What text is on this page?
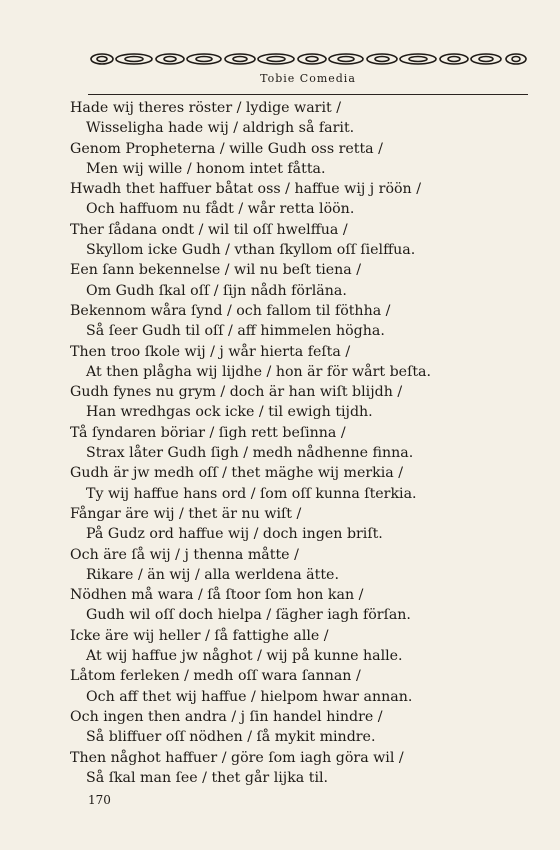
Tobie Comedia
Hade wij theres röster / lydige warit /
Wisseligha hade wij / aldrigh så farit.
Genom Propheterna / wille Gudh oss retta /
Men wij wille / honom intet fåtta.
Hwadh thet haffuer båtat oss / haffue wij j röön /
Och haffuom nu fådt / wår retta löön.
Ther ſådana ondt / wil til oſſ hwelffua /
Skyllom icke Gudh / vthan ſkyllom oſſ ſielffua.
Een ſann bekennelse / wil nu beſt tiena /
Om Gudh ſkal oſſ / ſijn nådh förläna.
Bekennom wåra ſynd / och fallom til föthha /
Så ſeer Gudh til oſſ / aff himmelen högha.
Then troo ſkole wij / j wår hierta feſta /
At then plågha wij lijdhe / hon är för wårt beſta.
Gudh fynes nu grym / doch är han wiſt blijdh /
Han wredhgas ock icke / til ewigh tijdh.
Tå ſyndaren böriar / ſigh rett beſinna /
Strax låter Gudh ſigh / medh nådhenne finna.
Gudh är jw medh oſſ / thet mäghe wij merkia /
Ty wij haffue hans ord / ſom oſſ kunna ſterkia.
Fångar äre wij / thet är nu wiſt /
På Gudz ord haffue wij / doch ingen briſt.
Och äre ſå wij / j thenna måtte /
Rikare / än wij / alla werldena ätte.
Nödhen må wara / ſå ſtoor ſom hon kan /
Gudh wil oſſ doch hielpa / ſägher iagh förſan.
Icke äre wij heller / ſå fattighe alle /
At wij haffue jw någhot / wij på kunne halle.
Låtom ferleken / medh oſſ wara ſannan /
Och aff thet wij haffue / hielpom hwar annan.
Och ingen then andra / j ſin handel hindre /
Så bliffuer oſſ nödhen / ſå mykit mindre.
Then någhot haffuer / göre ſom iagh göra wil /
Så ſkal man ſee / thet går lijka til.
170
